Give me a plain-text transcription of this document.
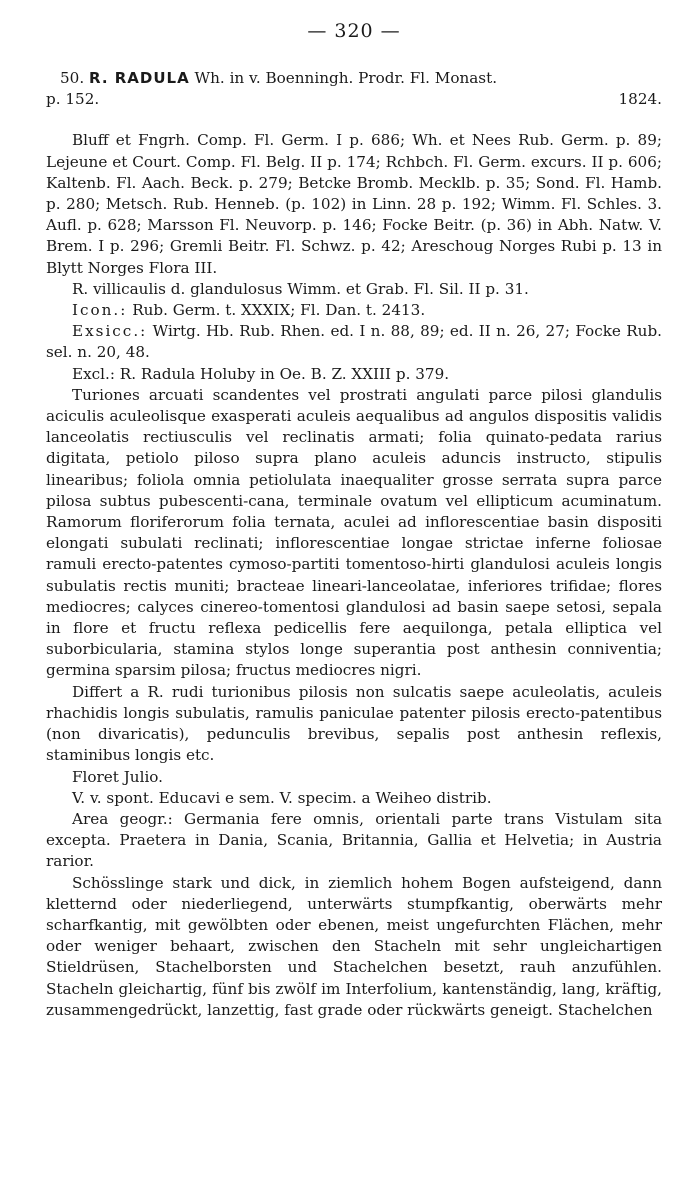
— 320 —

50. R. RADULA Wh. in v. Boenningh. Prodr. Fl. Monast.

p. 152.	1824.

Bluff et Fngrh. Comp. Fl. Germ. I p. 686; Wh. et Nees Rub. Germ. p. 89; Lejeune et Court. Comp. Fl. Belg. II p. 174; Rchbch. Fl. Germ. excurs. II p. 606; Kaltenb. Fl. Aach. Beck. p. 279; Betcke Bromb. Mecklb. p. 35; Sond. Fl. Hamb. p. 280; Metsch. Rub. Henneb. (p. 102) in Linn. 28 p. 192; Wimm. Fl. Schles. 3. Aufl. p. 628; Marsson Fl. Neuvorp. p. 146; Focke Beitr. (p. 36) in Abh. Natw. V. Brem. I p. 296; Gremli Beitr. Fl. Schwz. p. 42; Areschoug Norges Rubi p. 13 in Blytt Norges Flora III.

R. villicaulis d. glandulosus Wimm. et Grab. Fl. Sil. II p. 31.

Icon.: Rub. Germ. t. XXXIX; Fl. Dan. t. 2413.

Exsicc.: Wirtg. Hb. Rub. Rhen. ed. I n. 88, 89; ed. II n. 26, 27; Focke Rub. sel. n. 20, 48.

Excl.: R. Radula Holuby in Oe. B. Z. XXIII p. 379.

Turiones arcuati scandentes vel prostrati angulati parce pilosi glandulis aciculis aculeolisque exasperati aculeis aequalibus ad angulos dispositis validis lanceolatis rectiusculis vel reclinatis armati; folia quinato-pedata rarius digitata, petiolo piloso supra plano aculeis aduncis instructo, stipulis linearibus; foliola omnia petiolulata inaequaliter grosse serrata supra parce pilosa subtus pubescenti-cana, terminale ovatum vel ellipticum acuminatum. Ramorum floriferorum folia ternata, aculei ad inflorescentiae basin dispositi elongati subulati reclinati; inflorescentiae longae strictae inferne foliosae ramuli erecto-patentes cymoso-partiti tomentoso-hirti glandulosi aculeis longis subulatis rectis muniti; bracteae lineari-lanceolatae, inferiores trifidae; flores mediocres; calyces cinereo-tomentosi glandulosi ad basin saepe setosi, sepala in flore et fructu reflexa pedicellis fere aequilonga, petala elliptica vel suborbicularia, stamina stylos longe superantia post anthesin conniventia; germina sparsim pilosa; fructus mediocres nigri.

Differt a R. rudi turionibus pilosis non sulcatis saepe aculeolatis, aculeis rhachidis longis subulatis, ramulis paniculae patenter pilosis erecto-patentibus (non divaricatis), pedunculis brevibus, sepalis post anthesin reflexis, staminibus longis etc.

Floret Julio.

V. v. spont. Educavi e sem. V. specim. a Weiheo distrib.

Area geogr.: Germania fere omnis, orientali parte trans Vistulam sita excepta. Praetera in Dania, Scania, Britannia, Gallia et Helvetia; in Austria rarior.

Schösslinge stark und dick, in ziemlich hohem Bogen aufsteigend, dann kletternd oder niederliegend, unterwärts stumpfkantig, oberwärts mehr scharfkantig, mit gewölbten oder ebenen, meist ungefurchten Flächen, mehr oder weniger behaart, zwischen den Stacheln mit sehr ungleichartigen Stieldrüsen, Stachelborsten und Stachelchen besetzt, rauh anzufühlen. Stacheln gleichartig, fünf bis zwölf im Interfolium, kantenständig, lang, kräftig, zusammengedrückt, lanzettig, fast grade oder rückwärts geneigt. Stachelchen
